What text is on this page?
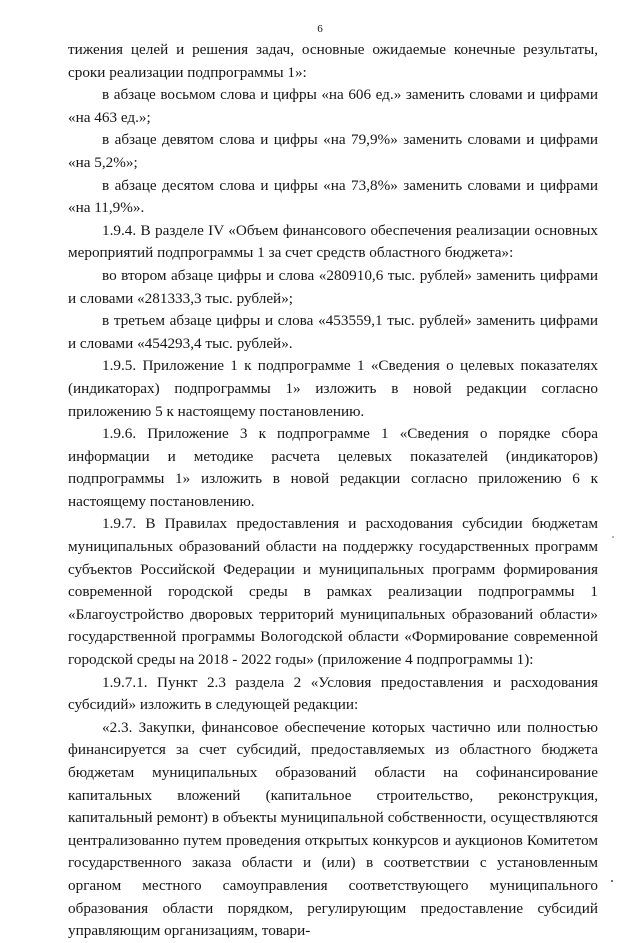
6

тижения целей и решения задач, основные ожидаемые конечные результаты, сроки реализации подпрограммы 1»:

в абзаце восьмом слова и цифры «на 606 ед.» заменить словами и цифрами «на 463 ед.»;

в абзаце девятом слова и цифры «на 79,9%» заменить словами и цифрами «на 5,2%»;

в абзаце десятом слова и цифры «на 73,8%» заменить словами и цифрами «на 11,9%».

1.9.4. В разделе IV «Объем финансового обеспечения реализации основных мероприятий подпрограммы 1 за счет средств областного бюджета»:

во втором абзаце цифры и слова «280910,6 тыс. рублей» заменить цифрами и словами «281333,3 тыс. рублей»;

в третьем абзаце цифры и слова «453559,1 тыс. рублей» заменить цифрами и словами «454293,4 тыс. рублей».

1.9.5. Приложение 1 к подпрограмме 1 «Сведения о целевых показателях (индикаторах) подпрограммы 1» изложить в новой редакции согласно приложению 5 к настоящему постановлению.

1.9.6. Приложение 3 к подпрограмме 1 «Сведения о порядке сбора информации и методике расчета целевых показателей (индикаторов) подпрограммы 1» изложить в новой редакции согласно приложению 6 к настоящему постановлению.

1.9.7. В Правилах предоставления и расходования субсидии бюджетам муниципальных образований области на поддержку государственных программ субъектов Российской Федерации и муниципальных программ формирования современной городской среды в рамках реализации подпрограммы 1 «Благоустройство дворовых территорий муниципальных образований области» государственной программы Вологодской области «Формирование современной городской среды на 2018 - 2022 годы» (приложение 4 подпрограммы 1):

1.9.7.1. Пункт 2.3 раздела 2 «Условия предоставления и расходования субсидий» изложить в следующей редакции:

«2.3. Закупки, финансовое обеспечение которых частично или полностью финансируется за счет субсидий, предоставляемых из областного бюджета бюджетам муниципальных образований области на софинансирование капитальных вложений (капитальное строительство, реконструкция, капитальный ремонт) в объекты муниципальной собственности, осуществляются централизованно путем проведения открытых конкурсов и аукционов Комитетом государственного заказа области и (или) в соответствии с установленным органом местного самоуправления соответствующего муниципального образования области порядком, регулирующим предоставление субсидий управляющим организациям, товари-
